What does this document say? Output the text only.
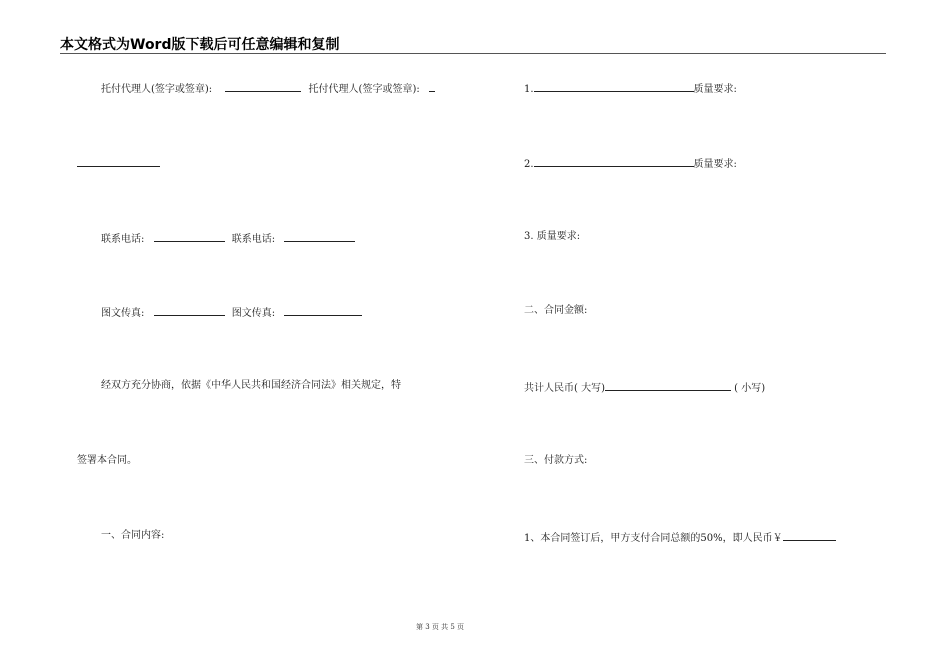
本文格式为Word版下载后可任意编辑和复制
托付代理人(签字或签章):	托付代理人(签字或签章):
联系电话:	联系电话:
图文传真:	图文传真:
经双方充分协商，依据《中华人民共和国经济合同法》相关规定，特
签署本合同。
一、合同内容:
1.	质量要求:
2.	质量要求:
3. 质量要求:
二、合同金额:
共计人民币( 大写)	( 小写)
三、付款方式:
1、本合同签订后，甲方支付合同总额的50%，即人民币￥
第 3 页 共 5 页
